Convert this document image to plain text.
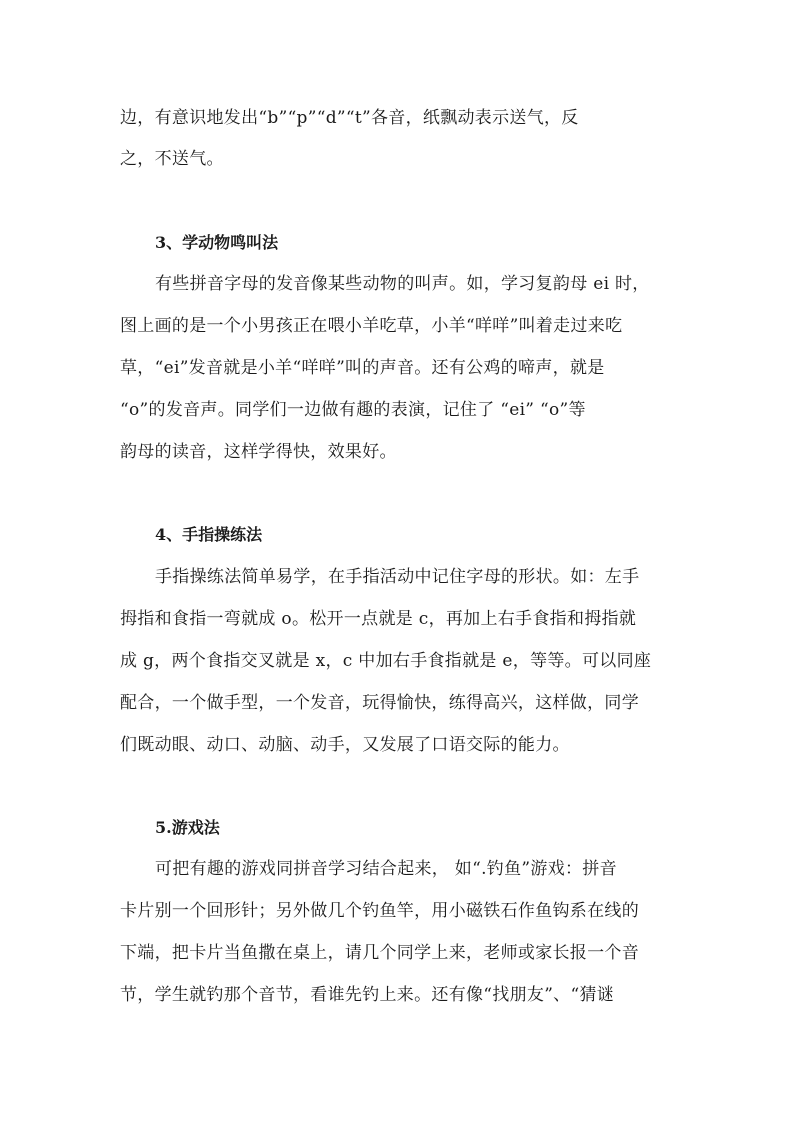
边，有意识地发出“b”“p”“d”“t”各音，纸飘动表示送气，反
之，不送气。
3、学动物鸣叫法
有些拼音字母的发音像某些动物的叫声。如，学习复韵母 ei 时，
图上画的是一个小男孩正在喂小羊吃草，小羊“咩咩”叫着走过来吃
草，“ei”发音就是小羊“咩咩”叫的声音。还有公鸡的啼声，就是
“o”的发音声。同学们一边做有趣的表演，记住了 “ei” “o”等
韵母的读音，这样学得快，效果好。
4、手指操练法
手指操练法简单易学，在手指活动中记住字母的形状。如：左手
拇指和食指一弯就成 o。松开一点就是 c，再加上右手食指和拇指就
成 g，两个食指交叉就是 x，c 中加右手食指就是 e，等等。可以同座
配合，一个做手型，一个发音，玩得愉快，练得高兴，这样做，同学
们既动眼、动口、动脑、动手，又发展了口语交际的能力。
5.游戏法
可把有趣的游戏同拼音学习结合起来， 如“.钓鱼”游戏：拼音
卡片别一个回形针；另外做几个钓鱼竿，用小磁铁石作鱼钩系在线的
下端，把卡片当鱼撒在桌上，请几个同学上来，老师或家长报一个音
节，学生就钓那个音节，看谁先钓上来。还有像“找朋友”、“猜谜
